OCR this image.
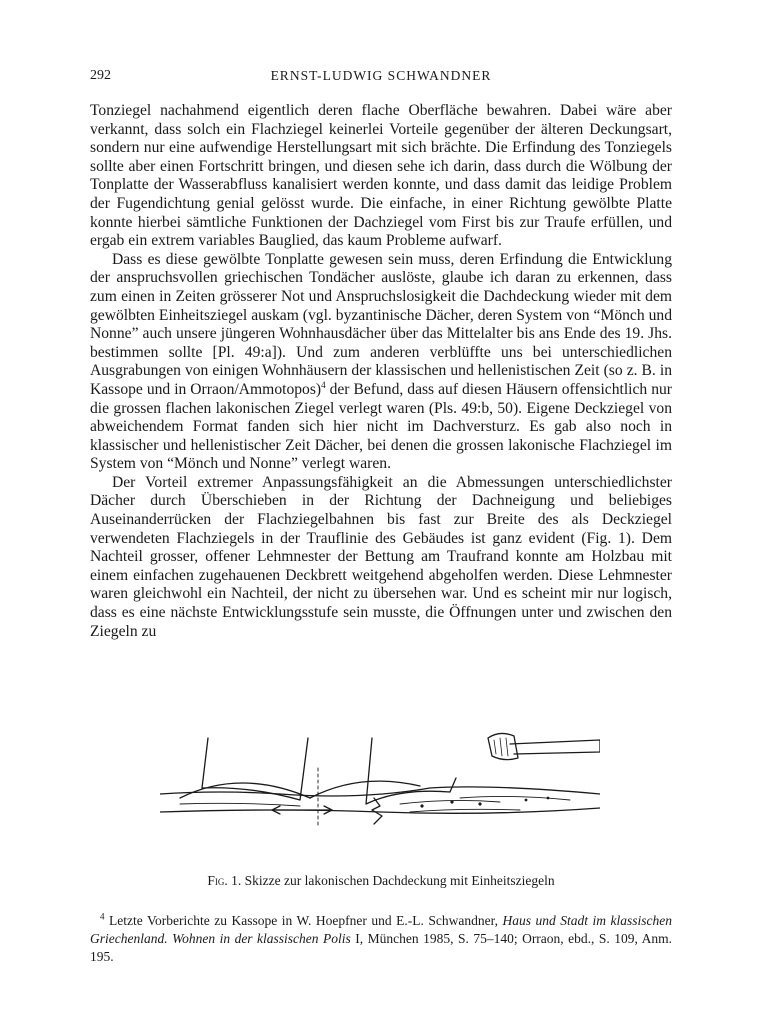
292	ERNST-LUDWIG SCHWANDNER

Tonziegel nachahmend eigentlich deren flache Oberfläche bewahren. Dabei wäre aber verkannt, dass solch ein Flachziegel keinerlei Vorteile gegenüber der älteren Deckungsart, sondern nur eine aufwendige Herstellungsart mit sich brächte. Die Erfindung des Tonziegels sollte aber einen Fortschritt bringen, und diesen sehe ich darin, dass durch die Wölbung der Tonplatte der Wasserabfluss kanalisiert werden konnte, und dass damit das leidige Problem der Fugendichtung genial gelösst wurde. Die einfache, in einer Richtung gewölbte Platte konnte hierbei sämtliche Funktionen der Dachziegel vom First bis zur Traufe erfüllen, und ergab ein extrem variables Bauglied, das kaum Probleme aufwarf.

Dass es diese gewölbte Tonplatte gewesen sein muss, deren Erfindung die Entwicklung der anspruchsvollen griechischen Tondächer auslöste, glaube ich daran zu erkennen, dass zum einen in Zeiten grösserer Not und Anspruchslosigkeit die Dachdeckung wieder mit dem gewölbten Einheitsziegel auskam (vgl. byzantinische Dächer, deren System von “Mönch und Nonne” auch unsere jüngeren Wohnhausdächer über das Mittelalter bis ans Ende des 19. Jhs. bestimmen sollte [Pl. 49:a]). Und zum anderen verblüffte uns bei unterschiedlichen Ausgrabungen von einigen Wohnhäusern der klassischen und hellenistischen Zeit (so z. B. in Kassope und in Orraon/Ammotopos)$^4$ der Befund, dass auf diesen Häusern offensichtlich nur die grossen flachen lakonischen Ziegel verlegt waren (Pls. 49:b, 50). Eigene Deckziegel von abweichendem Format fanden sich hier nicht im Dachversturz. Es gab also noch in klassischer und hellenistischer Zeit Dächer, bei denen die grossen lakonische Flachziegel im System von “Mönch und Nonne” verlegt waren.

Der Vorteil extremer Anpassungsfähigkeit an die Abmessungen unterschiedlichster Dächer durch Überschieben in der Richtung der Dachneigung und beliebiges Auseinanderrücken der Flachziegelbahnen bis fast zur Breite des als Deckziegel verwendeten Flachziegels in der Trauflinie des Gebäudes ist ganz evident (Fig. 1). Dem Nachteil grosser, offener Lehmnester der Bettung am Traufrand konnte am Holzbau mit einem einfachen zugehauenen Deckbrett weitgehend abgeholfen werden. Diese Lehmnester waren gleichwohl ein Nachteil, der nicht zu übersehen war. Und es scheint mir nur logisch, dass es eine nächste Entwicklungsstufe sein musste, die Öffnungen unter und zwischen den Ziegeln zu

Fig. 1. Skizze zur lakonischen Dachdeckung mit Einheitsziegeln
$^4$ Letzte Vorberichte zu Kassope in W. Hoepfner und E.-L. Schwandner, Haus und Stadt im klassischen Griechenland. Wohnen in der klassischen Polis I, München 1985, S. 75–140; Orraon, ebd., S. 109, Anm. 195.
